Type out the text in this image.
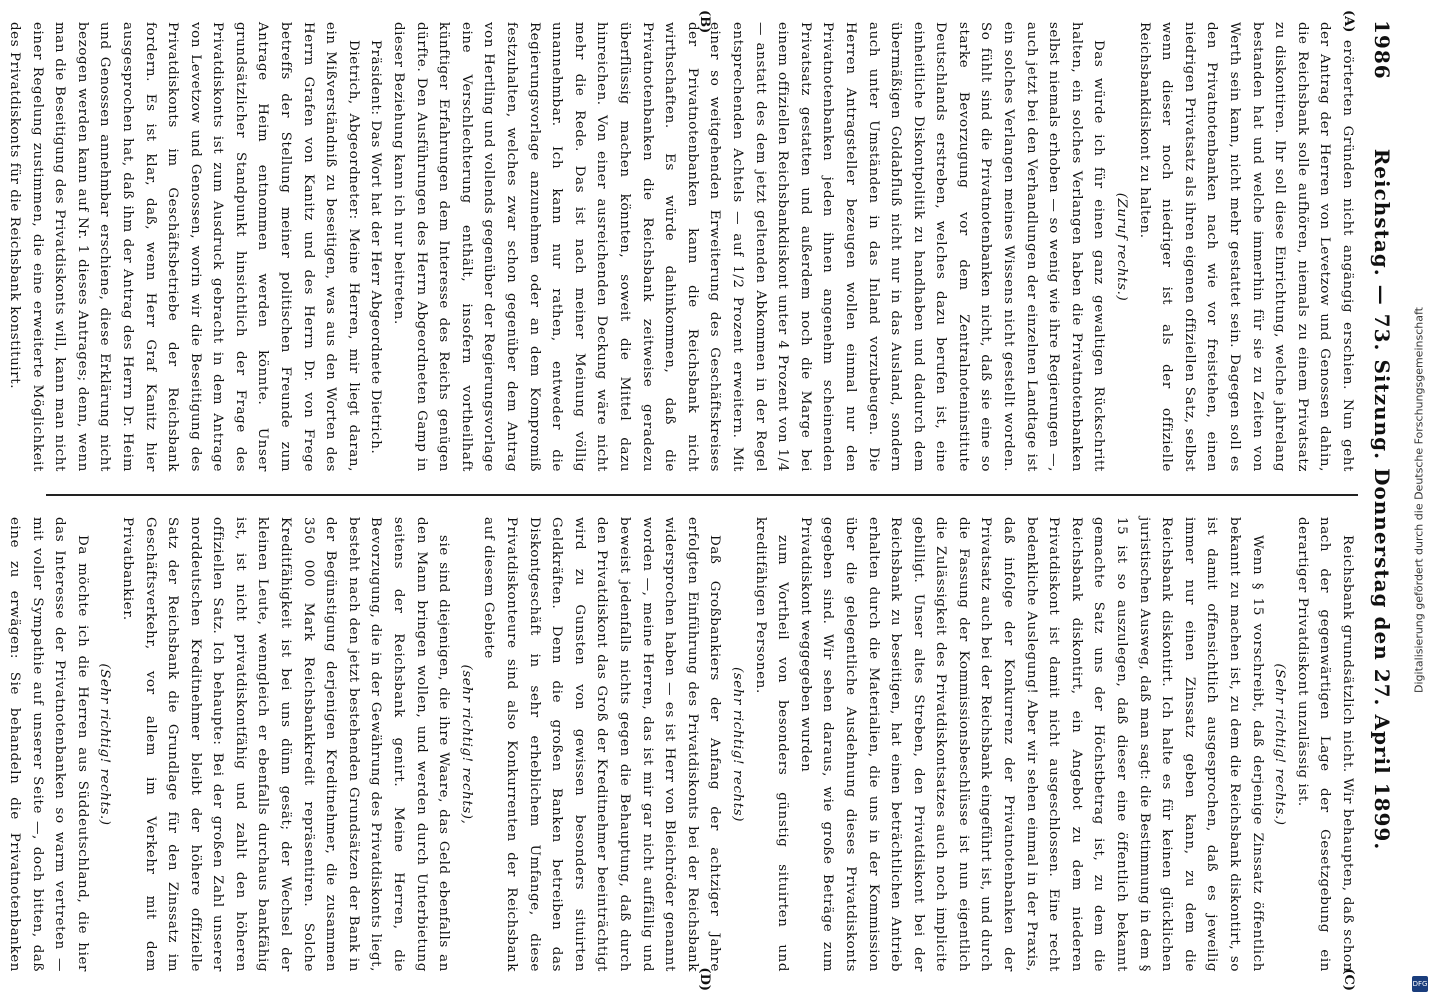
1986
Reichstag. — 73. Sitzung. Donnerstag den 27. April 1899.

erörterten Gründen nicht angängig erschien. Nun geht der Antrag der Herren von Levetzow und Genossen dahin, die Reichsbank solle aufhören, niemals zu einem Privatsatz zu diskontiren. Ihr soll diese Einrichtung, welche jahrelang bestanden hat und welche immerhin für sie zu Zeiten von Werth sein kann, nicht mehr gestattet sein. Dagegen soll es den Privatnotenbanken nach wie vor freistehen, einen niedrigen Privatsatz als ihren eigenen offiziellen Satz, selbst wenn dieser noch niedriger ist als der offizielle Reichsbankdiskont zu halten.

(Zuruf rechts.)

Das würde ich für einen ganz gewaltigen Rückschritt halten, ein solches Verlangen haben die Privatnotenbanken selbst niemals erhoben — so wenig wie ihre Regierungen —, auch jetzt bei den Verhandlungen der einzelnen Landtage ist ein solches Verlangen meines Wissens nicht gestellt worden. So fühlt sind die Privatnotenbanken nicht, daß sie eine so starke Bevorzugung vor dem Zentralnoteninstitute Deutschlands erstreben, welches dazu berufen ist, eine einheitliche Diskontpolitik zu handhaben und dadurch dem übermäßigen Goldabfluß nicht nur in das Ausland, sondern auch unter Umständen in das Inland vorzubeugen. Die Herren Antragsteller bezeugen wollen einmal nur den Privatnotenbanken jeden ihnen angenehm scheinenden Privatsatz gestatten und außerdem noch die Marge bei einem offiziellen Reichsbankdiskont unter 4 Prozent von 1/4 — anstatt des dem jetzt geltenden Abkommen in der Regel entsprechenden Achtels — auf 1/2 Prozent erweitern. Mit einer so weitgehenden Erweiterung des Geschäftskreises der Privatnotenbanken kann die Reichsbank nicht wirthschaften. Es würde dahinkommen, daß die Privatnotenbanken die Reichsbank zeitweise geradezu überflüssig machen könnten, soweit die Mittel dazu hinreichen. Von einer ausreichenden Deckung wäre nicht mehr die Rede. Das ist nach meiner Meinung völlig unannehmbar. Ich kann nur rathen, entweder die Regierungsvorlage anzunehmen oder an dem Kompromiß festzuhalten, welches zwar schon gegenüber dem Antrag von Hertling und vollends gegenüber der Regierungsvorlage eine Verschlechterung enthält, insofern vortheilhaft künftiger Erfahrungen dem Interesse des Reichs genügen dürfte. Den Ausführungen des Herrn Abgeordneten Gamp in dieser Beziehung kann ich nur beitreten.

Präsident: Das Wort hat der Herr Abgeordnete Dietrich.

Dietrich, Abgeordneter: Meine Herren, mir liegt daran, ein Mißverständniß zu beseitigen, was aus den Worten des Herrn Grafen von Kanitz und des Herrn Dr. von Frege betreffs der Stellung meiner politischen Freunde zum Antrage Heim entnommen werden könnte. Unser grundsätzlicher Standpunkt hinsichtlich der Frage des Privatdiskonts ist zum Ausdruck gebracht in dem Antrage von Levetzow und Genossen, worin wir die Beseitigung des Privatdiskonts im Geschäftsbetriebe der Reichsbank fordern. Es ist klar, daß, wenn Herr Graf Kanitz hier ausgesprochen hat, daß ihm der Antrag des Herrn Dr. Heim und Genossen annehmbar erschiene, diese Erklärung nicht bezogen werden kann auf Nr. 1 dieses Antrages; denn, wenn man die Beseitigung des Privatdiskonts will, kann man nicht einer Regelung zustimmen, die eine erweiterte Möglichkeit des Privatdiskonts für die Reichsbank konstituirt.

Reichsbank grundsätzlich nicht. Wir behaupten, daß schon nach der gegenwärtigen Lage der Gesetzgebung ein derartiger Privatdiskont unzulässig ist.

(Sehr richtig! rechts.)

Wenn § 15 vorschreibt, daß derjenige Zinssatz öffentlich bekannt zu machen ist, zu dem die Reichsbank diskontirt, so ist damit offensichtlich ausgesprochen, daß es jeweilig immer nur einen Zinssatz geben kann, zu dem die Reichsbank diskontirt. Ich halte es für keinen glücklichen juristischen Ausweg, daß man sagt: die Bestimmung in dem § 15 ist so auszulegen, daß dieser eine öffentlich bekannt gemachte Satz uns der Höchstbetrag ist, zu dem die Reichsbank diskontirt, ein Angebot zu dem niederen Privatdiskont ist damit nicht ausgeschlossen. Eine recht bedenkliche Auslegung! Aber wir sehen einmal in der Praxis, daß infolge der Konkurrenz der Privatnotenbanken der Privatsatz auch bei der Reichsbank eingeführt ist, und durch die Fassung der Kommissionsbeschlüsse ist nun eigentlich die Zulässigkeit des Privatdiskontsatzes auch noch implicite gebilligt. Unser altes Streben, den Privatdiskont bei der Reichsbank zu beseitigen, hat einen beträchtlichen Antrieb erhalten durch die Materialien, die uns in der Kommission über die gelegentliche Ausdehnung dieses Privatdiskonts gegeben sind. Wir sehen daraus, wie große Beträge zum Privatdiskont weggegeben wurden

zum Vortheil von besonders günstig situirten und kreditfähigen Personen.

(sehr richtig! rechts)

Daß Großbankiers der Anfang der achtziger Jahre erfolgten Einführung des Privatdiskonts bei der Reichsbank widersprochen haben — es ist Herr von Bleichröder genannt worden —, meine Herren, das ist mir gar nicht auffällig und beweist jedenfalls nichts gegen die Behauptung, daß durch den Privatdiskont das Groß der Kreditnehmer beeinträchtigt wird zu Gunsten von gewissen besonders situirten Geldkräften. Denn die großen Banken betreiben das Diskontgeschäft in sehr erheblichem Umfange, diese Privatdiskonteure sind also Konkurrenten der Reichsbank auf diesem Gebiete

(sehr richtig! rechts),

sie sind diejenigen, die ihre Waare, das Geld ebenfalls an den Mann bringen wollen, und werden durch Unterbietung seitens der Reichsbank genirt. Meine Herren, die Bevorzugung, die in der Gewährung des Privatdiskonts liegt, besteht nach den jetzt bestehenden Grundsätzen der Bank in der Begünstigung derjenigen Kreditnehmer, die zusammen 350 000 Mark Reichsbankkredit repräsentiren. Solche Kreditfähigkeit ist bei uns dünn gesät; der Wechsel der kleinen Leute, wenngleich er ebenfalls durchaus bankfähig ist, ist nicht privatdiskontfähig und zahlt den höheren offiziellen Satz. Ich behaupte: Bei der großen Zahl unserer norddeutschen Kreditnehmer bleibt der höhere offizielle Satz der Reichsbank die Grundlage für den Zinssatz im Geschäftsverkehr, vor allem im Verkehr mit dem Privatbankier.

(Sehr richtig! rechts.)

Da möchte ich die Herren aus Süddeutschland, die hier das Interesse der Privatnotenbanken so warm vertreten — mit voller Sympathie auf unserer Seite —, doch bitten, daß eine zu erwägen: Sie behandeln die Privatnotenbanken

(A)
(B)
(C)
(D)
Digitalisierung gefördert durch die Deutsche Forschungsgemeinschaft
DFG
